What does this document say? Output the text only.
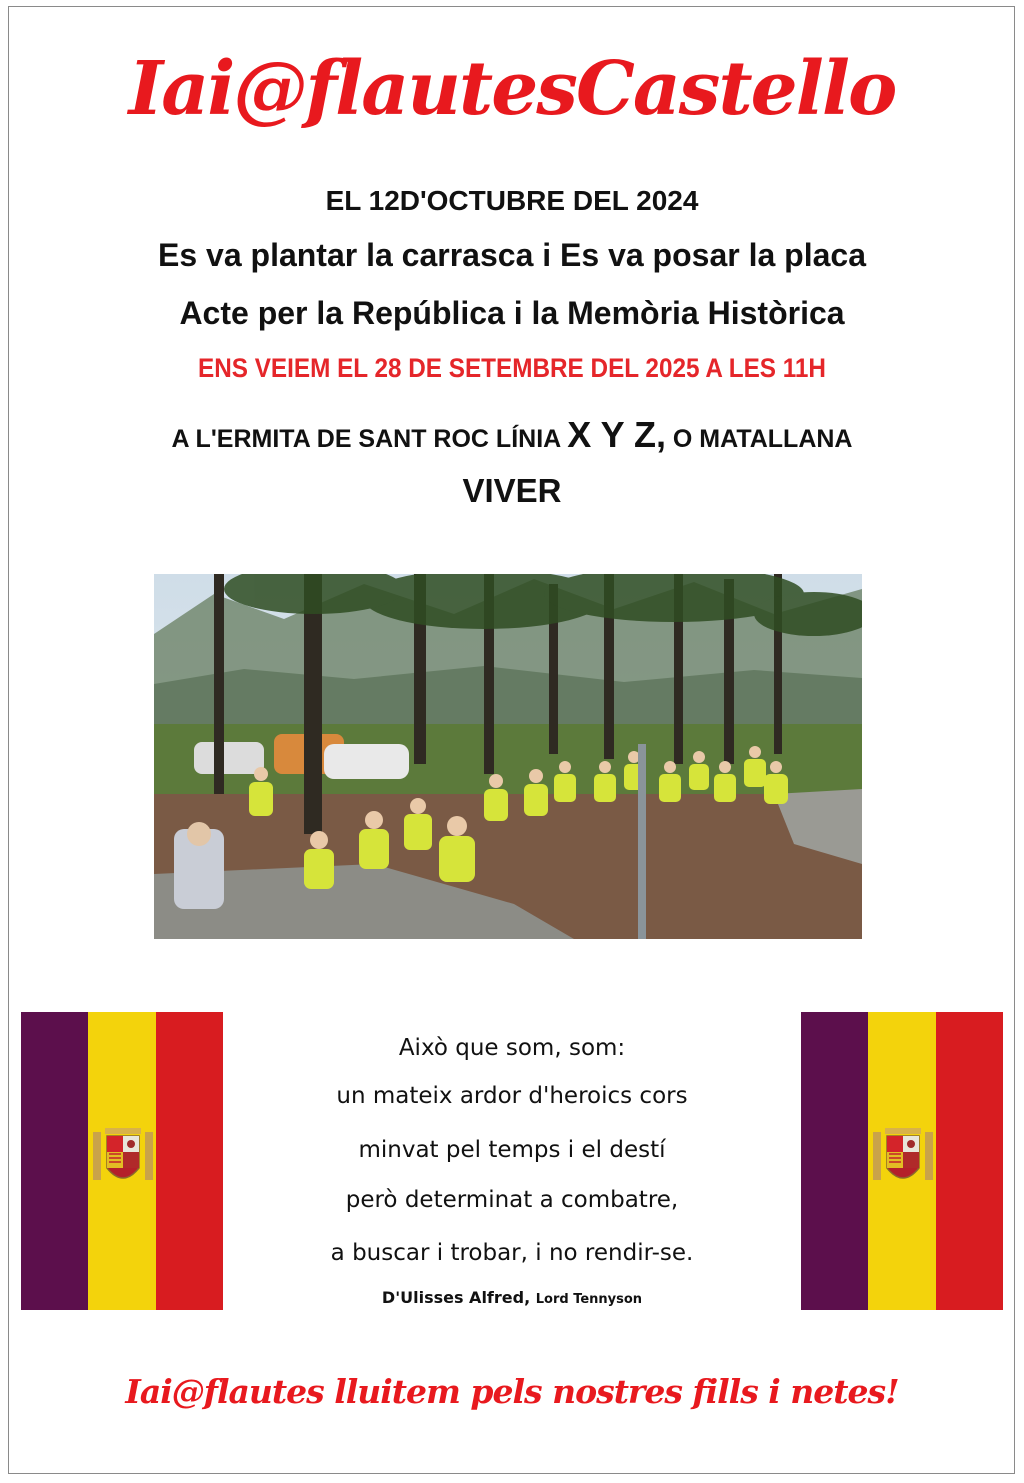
Iai@flautesCastello

EL 12D'OCTUBRE DEL 2024

Es va plantar la carrasca i Es va posar la placa

Acte per la República i la Memòria Històrica

ENS VEIEM EL 28 DE SETEMBRE DEL 2025 A LES 11H

A L'ERMITA DE SANT ROC LÍNIA X Y Z, O MATALLANA

VIVER

Això que som, som:

un mateix ardor d'heroics cors

minvat pel temps i el destí

però determinat a combatre,

a buscar i trobar, i no rendir-se.

D'Ulisses Alfred, Lord Tennyson

Iai@flautes lluitem pels nostres fills i netes!
